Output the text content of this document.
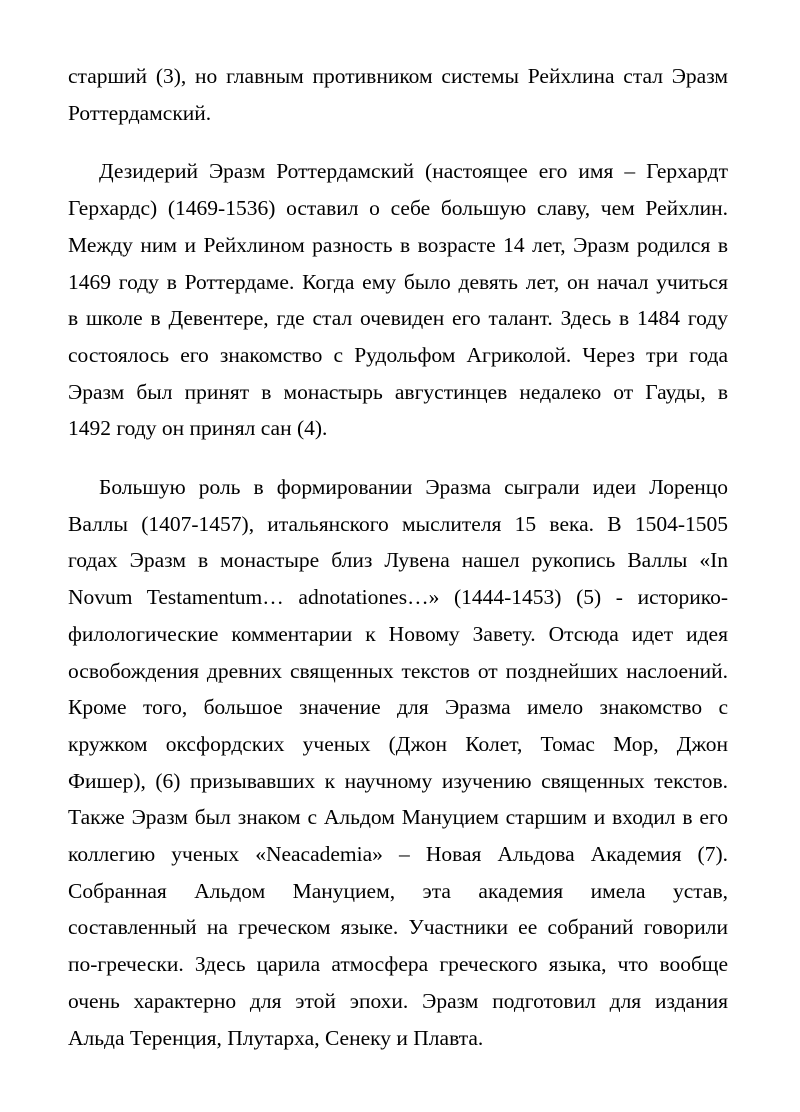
старший (3), но главным противником системы Рейхлина стал Эразм
Роттердамский.
Дезидерий Эразм Роттердамский (настоящее его имя – Герхардт
Герхардс) (1469-1536) оставил о себе большую славу, чем Рейхлин.
Между ним и Рейхлином разность в возрасте 14 лет, Эразм родился в
1469 году в Роттердаме. Когда ему было девять лет, он начал учиться
в школе в Девентере, где стал очевиден его талант. Здесь в 1484 году
состоялось его знакомство с Рудольфом Агриколой. Через три года
Эразм был принят в монастырь августинцев недалеко от Гауды, в
1492 году он принял сан (4).
Большую роль в формировании Эразма сыграли идеи Лоренцо
Валлы (1407-1457), итальянского мыслителя 15 века. В 1504-1505
годах Эразм в монастыре близ Лувена нашел рукопись Валлы «In
Novum Testamentum… adnotationes…» (1444-1453) (5) - историко-
филологические комментарии к Новому Завету. Отсюда идет идея
освобождения древних священных текстов от позднейших наслоений.
Кроме того, большое значение для Эразма имело знакомство с
кружком оксфордских ученых (Джон Колет, Томас Мор, Джон
Фишер), (6) призывавших к научному изучению священных текстов.
Также Эразм был знаком с Альдом Мануцием старшим и входил в его
коллегию ученых «Neacademia» – Новая Альдова Академия (7).
Собранная Альдом Мануцием, эта академия имела устав,
составленный на греческом языке. Участники ее собраний говорили
по-гречески. Здесь царила атмосфера греческого языка, что вообще
очень характерно для этой эпохи. Эразм подготовил для издания
Альда Теренция, Плутарха, Сенеку и Плавта.
